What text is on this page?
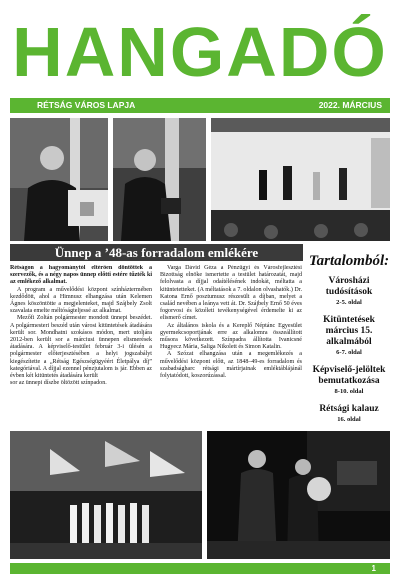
HANGADÓ
RÉTSÁG VÁROS LAPJA	2022. MÁRCIUS
Ünnep a ’48-as forradalom emlékére

Rétságon a hagyománytól eltérően döntöttek a szervezők, és a négy napos ünnep előtti estére tűzték ki az emlékező alkalmat.

A program a művelődési központ színháztermében kezdődött, ahol a Himnusz elhangzása után Kelemen Ágnes köszöntötte a megjelenteket, majd Szájbely Zsolt szavalata emelte méltóságteljessé az alkalmat.

Mezőfi Zoltán polgármester mondott ünnepi beszédet. A polgármesteri beszéd után városi kitüntetések átadására került sor. Mondhatni szokásos módon, mert utoljára 2012-ben került sor a márciusi ünnepen elismerések átadására. A képviselő-testület február 3-i ülésén a polgármester előterjesztésében a helyi jogszabályt kiegészítette a „Rétság Egészségügyéért Életpálya díj” kategóriával. A díjjal ezennel pénzjutalom is jár. Ebben az évben két kitüntetés átadására került

sor az ünnepi díszbe öltözött színpadon.

Varga Dávid Géza a Pénzügyi és Városfejlesztési Bizottság elnöke ismertette a testület határozatát, majd felolvasta a díjjal odaítélésének indokát, méltatta a kitüntetetteket. (A méltatások a 7. oldalon olvashatók.) Dr. Katona Ernő posztumusz részesült a díjban, melyet a család nevében a leánya vett át. Dr. Szájbely Ernő 50 éves fogorvosi és közéleti tevékenységével érdemelte ki az elismerő címet.

Az általános iskola és a Kereplő Néptánc Egyesület gyermekcsoportjának erre az alkalomra összeállított műsora következett. Színpadra állította Ivanicsné Hugyecz Mária, Saliga Nikolett és Simon Katalin.

A Szózat elhangzása után a megemlékezés a művelődési központ előtt, az 1848–49-es forradalom és szabadságharc rétsági mártírjainak emléktáblájánál folytatódott, koszorúzással.

Tartalomból:
Városházi tudósítások
2-5. oldal
Kitüntetések március 15. alkalmából
6-7. oldal
Képviselő-jelöltek bemutatkozása
8-10. oldal
Rétsági kalauz
16. oldal
1
